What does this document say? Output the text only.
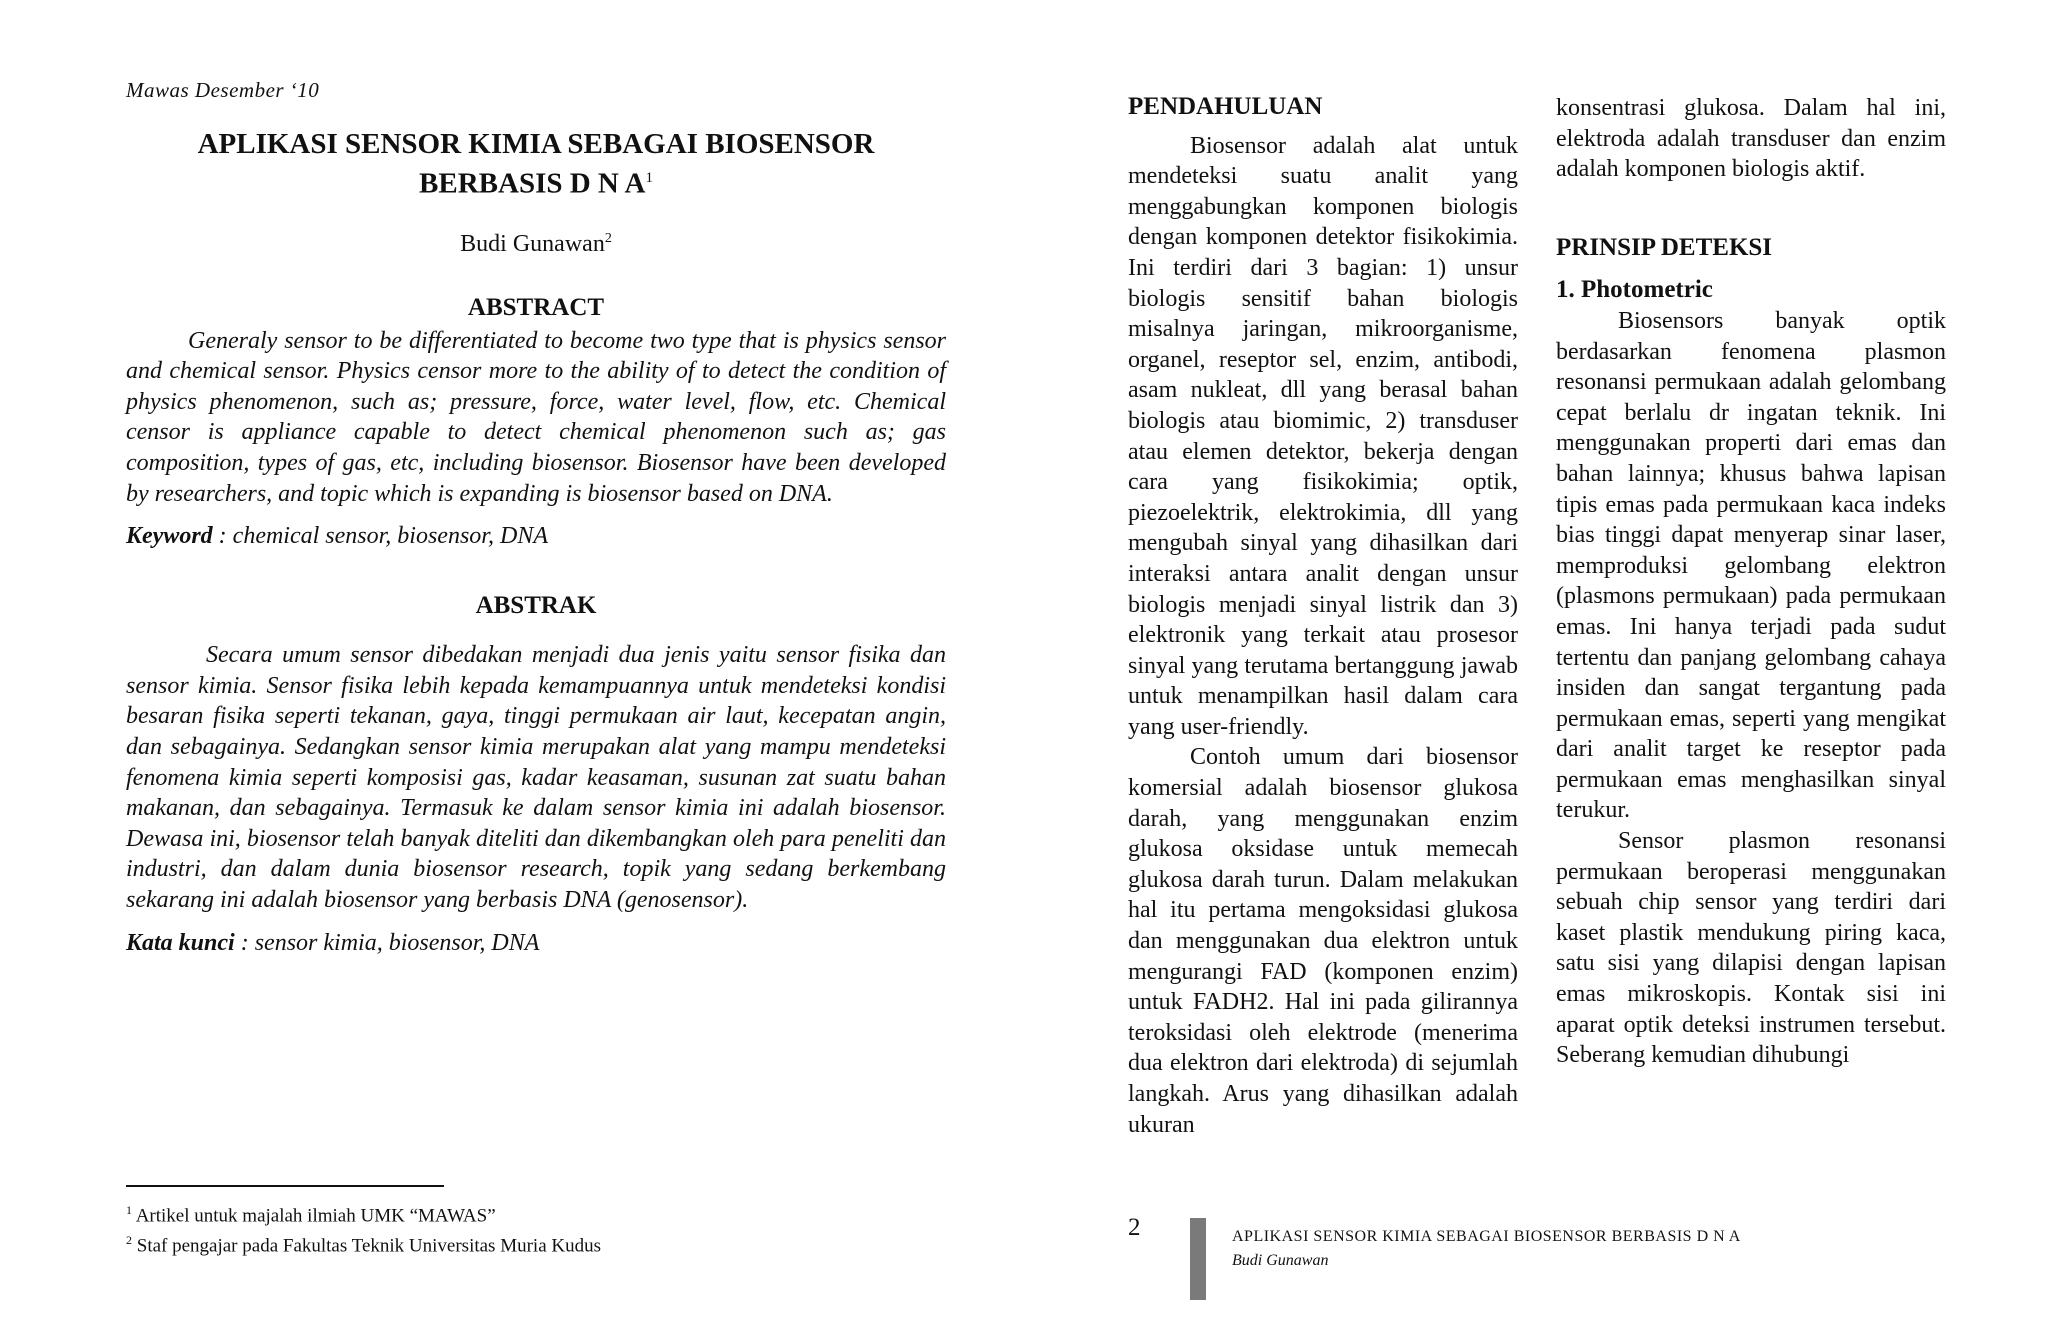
Mawas Desember ‘10
APLIKASI SENSOR KIMIA SEBAGAI BIOSENSOR
BERBASIS D N $A^1$
Budi Gunawan$^2$
ABSTRACT

Generaly sensor to be differentiated to become two type that is physics sensor and chemical sensor. Physics censor more to the ability of to detect the condition of physics phenomenon, such as; pressure, force, water level, flow, etc. Chemical censor is appliance capable to detect chemical phenomenon such as; gas composition, types of gas, etc, including biosensor. Biosensor have been developed by researchers, and topic which is expanding is biosensor based on DNA.

Keyword : chemical sensor, biosensor, DNA
ABSTRAK

Secara umum sensor dibedakan menjadi dua jenis yaitu sensor fisika dan sensor kimia. Sensor fisika lebih kepada kemampuannya untuk mendeteksi kondisi besaran fisika seperti tekanan, gaya, tinggi permukaan air laut, kecepatan angin, dan sebagainya. Sedangkan sensor kimia merupakan alat yang mampu mendeteksi fenomena kimia seperti komposisi gas, kadar keasaman, susunan zat suatu bahan makanan, dan sebagainya. Termasuk ke dalam sensor kimia ini adalah biosensor. Dewasa ini, biosensor telah banyak diteliti dan dikembangkan oleh para peneliti dan industri, dan dalam dunia biosensor research, topik yang sedang berkembang sekarang ini adalah biosensor yang berbasis DNA (genosensor).

Kata kunci : sensor kimia, biosensor, DNA
$^1$ Artikel untuk majalah ilmiah UMK “MAWAS”
$^2$ Staf pengajar pada Fakultas Teknik Universitas Muria Kudus

PENDAHULUAN

Biosensor adalah alat untuk mendeteksi suatu analit yang menggabungkan komponen biologis dengan komponen detektor fisikokimia. Ini terdiri dari 3 bagian: 1) unsur biologis sensitif bahan biologis misalnya jaringan, mikroorganisme, organel, reseptor sel, enzim, antibodi, asam nukleat, dll yang berasal bahan biologis atau biomimic, 2) transduser atau elemen detektor, bekerja dengan cara yang fisikokimia; optik, piezoelektrik, elektrokimia, dll yang mengubah sinyal yang dihasilkan dari interaksi antara analit dengan unsur biologis menjadi sinyal listrik dan 3) elektronik yang terkait atau prosesor sinyal yang terutama bertanggung jawab untuk menampilkan hasil dalam cara yang user-friendly.

Contoh umum dari biosensor komersial adalah biosensor glukosa darah, yang menggunakan enzim glukosa oksidase untuk memecah glukosa darah turun. Dalam melakukan hal itu pertama mengoksidasi glukosa dan menggunakan dua elektron untuk mengurangi FAD (komponen enzim) untuk FADH2. Hal ini pada gilirannya teroksidasi oleh elektrode (menerima dua elektron dari elektroda) di sejumlah langkah. Arus yang dihasilkan adalah ukuran

konsentrasi glukosa. Dalam hal ini, elektroda adalah transduser dan enzim adalah komponen biologis aktif.

PRINSIP DETEKSI

1. Photometric

Biosensors banyak optik berdasarkan fenomena plasmon resonansi permukaan adalah gelombang cepat berlalu dr ingatan teknik. Ini menggunakan properti dari emas dan bahan lainnya; khusus bahwa lapisan tipis emas pada permukaan kaca indeks bias tinggi dapat menyerap sinar laser, memproduksi gelombang elektron (plasmons permukaan) pada permukaan emas. Ini hanya terjadi pada sudut tertentu dan panjang gelombang cahaya insiden dan sangat tergantung pada permukaan emas, seperti yang mengikat dari analit target ke reseptor pada permukaan emas menghasilkan sinyal terukur.

Sensor plasmon resonansi permukaan beroperasi menggunakan sebuah chip sensor yang terdiri dari kaset plastik mendukung piring kaca, satu sisi yang dilapisi dengan lapisan emas mikroskopis. Kontak sisi ini aparat optik deteksi instrumen tersebut. Seberang kemudian dihubungi

2	APLIKASI SENSOR KIMIA SEBAGAI BIOSENSOR BERBASIS D N A
Budi Gunawan
